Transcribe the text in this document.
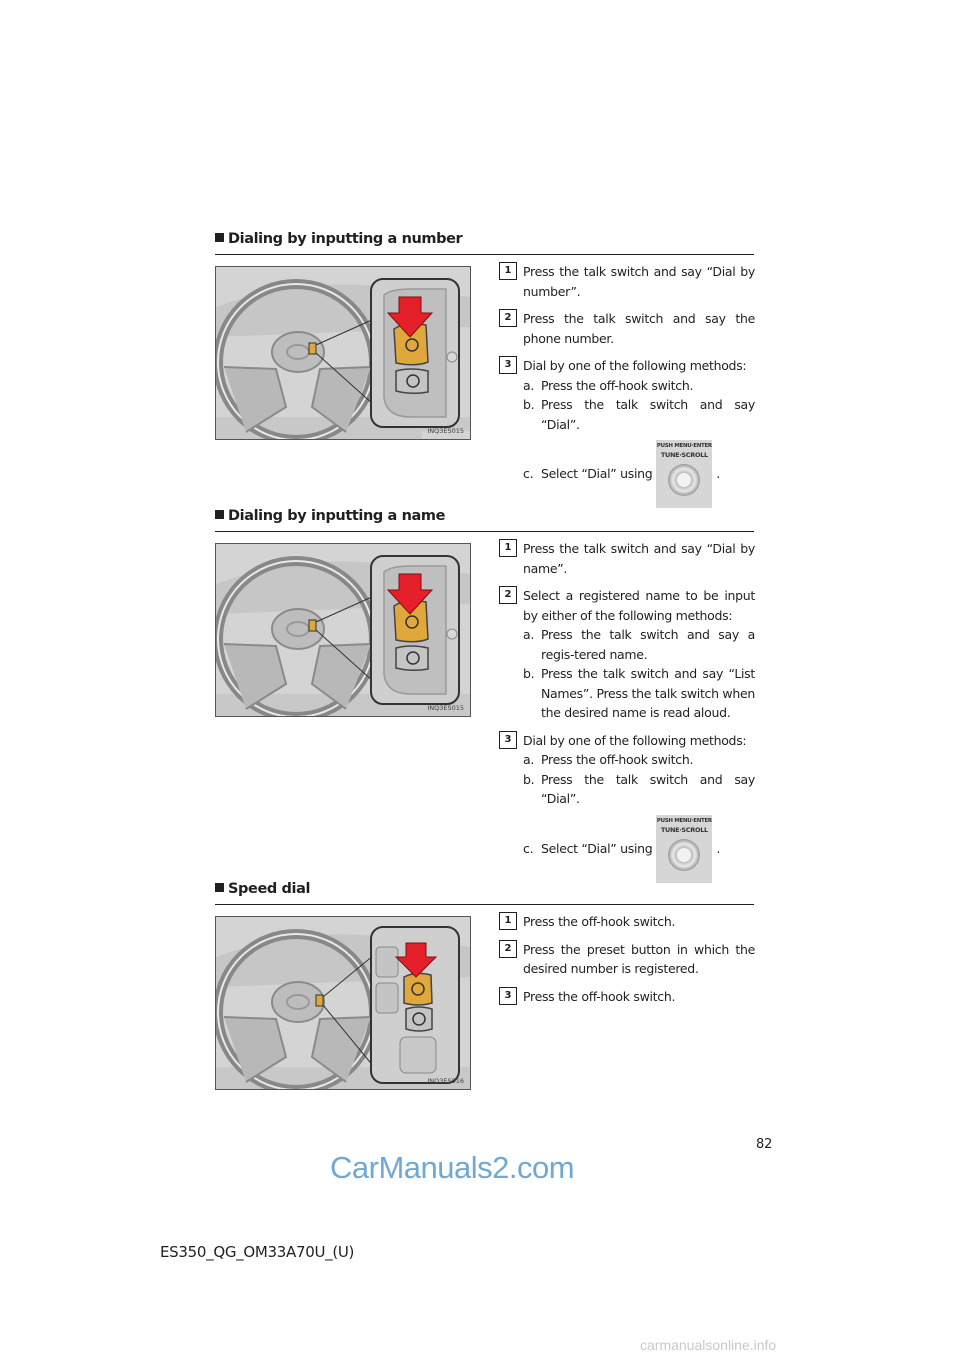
Dialing by inputting a number
INQ3ES015
1 Press the talk switch and say “Dial by number”.
2 Press the talk switch and say the phone number.
3 Dial by one of the following methods:
a. Press the off-hook switch.
b. Press the talk switch and say “Dial”.
c. Select “Dial” using
PUSH MENU·ENTER
TUNE·SCROLL
.
Dialing by inputting a name
INQ3ES015
1 Press the talk switch and say “Dial by name”.
2 Select a registered name to be input by either of the following methods:
a. Press the talk switch and say a regis-tered name.
b. Press the talk switch and say “List Names”. Press the talk switch when the desired name is read aloud.
3 Dial by one of the following methods:
a. Press the off-hook switch.
b. Press the talk switch and say “Dial”.
c. Select “Dial” using
PUSH MENU·ENTER
TUNE·SCROLL
.
Speed dial
INQ3ES016
1 Press the off-hook switch.
2 Press the preset button in which the desired number is registered.
3 Press the off-hook switch.
82
CarManuals2.com
ES350_QG_OM33A70U_(U)
carmanualsonline.info
